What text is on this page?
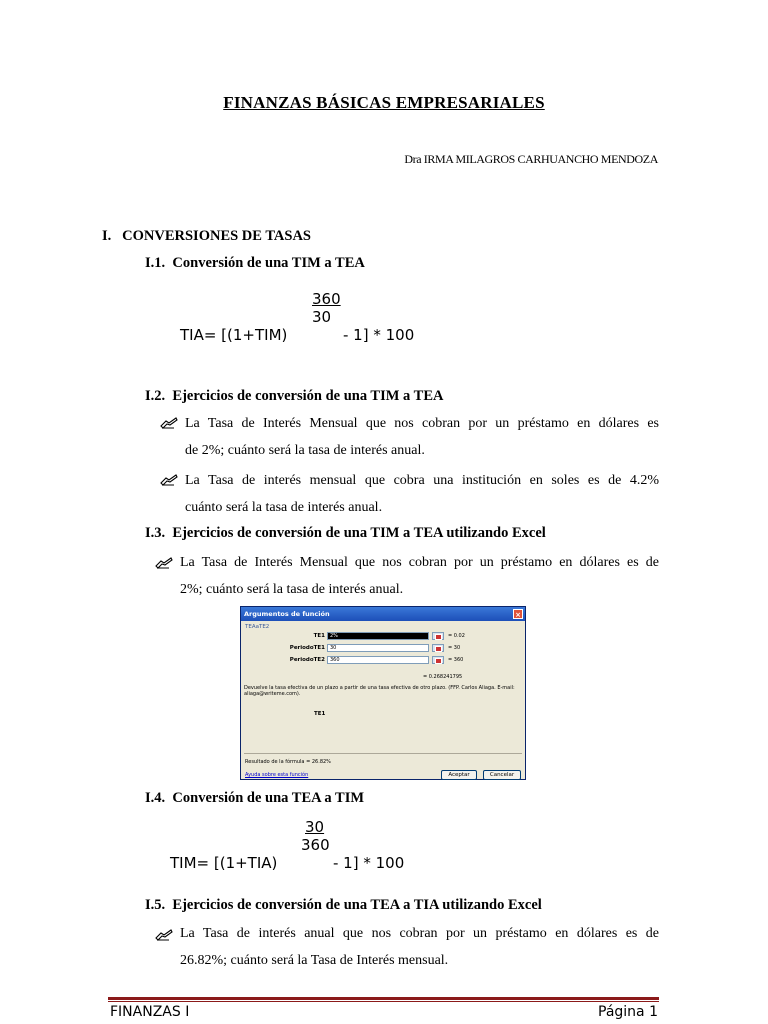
FINANZAS BÁSICAS EMPRESARIALES
Dra IRMA MILAGROS CARHUANCHO MENDOZA
I. CONVERSIONES DE TASAS
I.1. Conversión de una TIM a TEA
360
30
TIA= [(1+TIM)	- 1] * 100
I.2. Ejercicios de conversión de una TIM a TEA
La Tasa de Interés Mensual que nos cobran por un préstamo en dólares es
de 2%; cuánto será la tasa de interés anual.
La Tasa de interés mensual que cobra una institución en soles es de 4.2%
cuánto será la tasa de interés anual.
I.3. Ejercicios de conversión de una TIM a TEA utilizando Excel
La Tasa de Interés Mensual que nos cobran por un préstamo en dólares es de
2%; cuánto será la tasa de interés anual.
Argumentos de función	×
TEAaTE2
TE1	2%	= 0.02
PeriodoTE1	30	= 30
PeriodoTE2	360	= 360
= 0.268241795
Devuelve la tasa efectiva de un plazo a partir de una tasa efectiva de otro plazo. (FFP. Carlos Aliaga. E-mail: aliaga@writeme.com).
TE1
Resultado de la fórmula = 26.82%
Ayuda sobre esta función	Aceptar	Cancelar
I.4. Conversión de una TEA a TIM
30
360
TIM= [(1+TIA)	- 1] * 100
I.5. Ejercicios de conversión de una TEA a TIA utilizando Excel
La Tasa de interés anual que nos cobran por un préstamo en dólares es de
26.82%; cuánto será la Tasa de Interés mensual.
FINANZAS I	Página 1
